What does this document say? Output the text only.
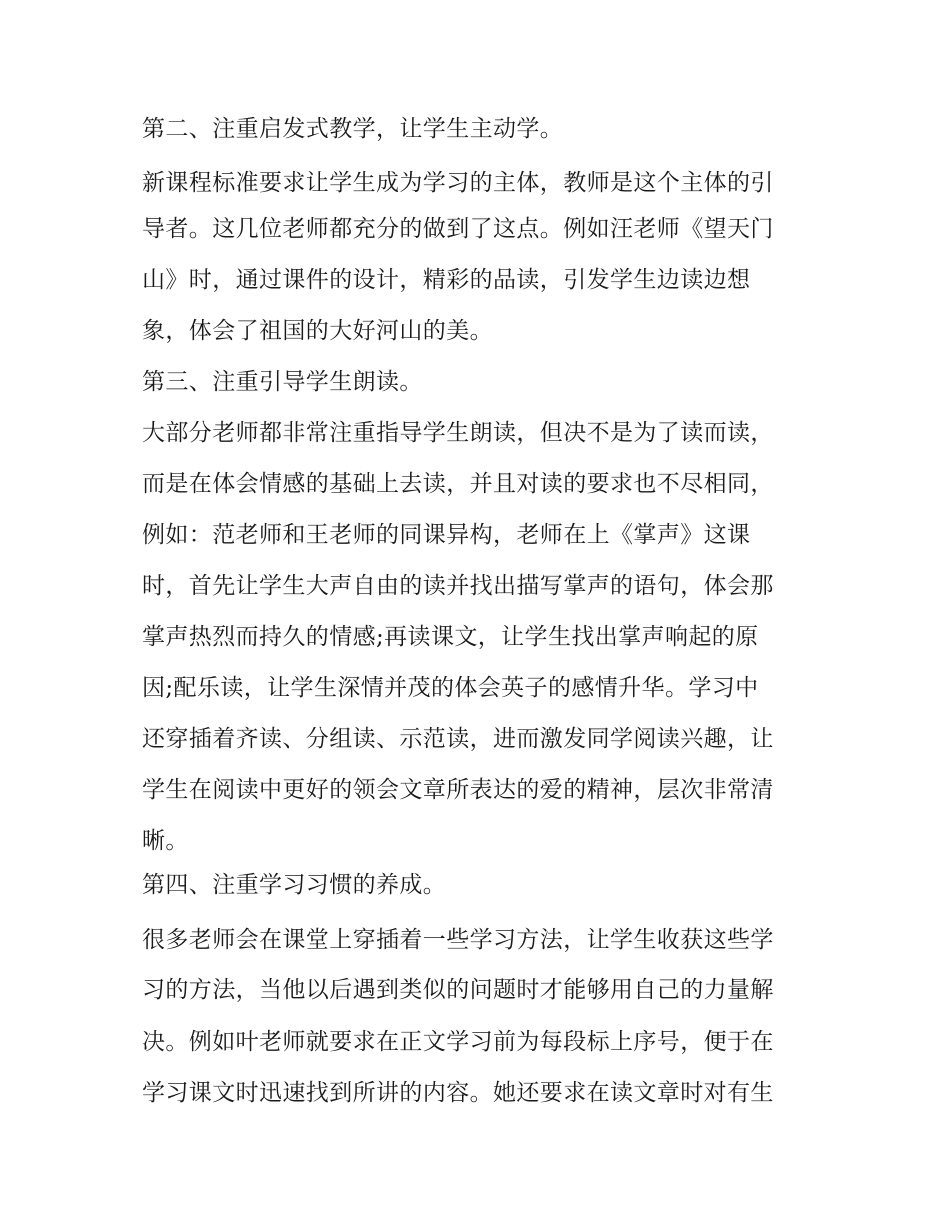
第二、注重启发式教学，让学生主动学。

新课程标准要求让学生成为学习的主体，教师是这个主体的引

导者。这几位老师都充分的做到了这点。例如汪老师《望天门

山》时，通过课件的设计，精彩的品读，引发学生边读边想

象，体会了祖国的大好河山的美。

第三、注重引导学生朗读。

大部分老师都非常注重指导学生朗读，但决不是为了读而读，

而是在体会情感的基础上去读，并且对读的要求也不尽相同，

例如：范老师和王老师的同课异构，老师在上《掌声》这课

时，首先让学生大声自由的读并找出描写掌声的语句，体会那

掌声热烈而持久的情感;再读课文，让学生找出掌声响起的原

因;配乐读，让学生深情并茂的体会英子的感情升华。学习中

还穿插着齐读、分组读、示范读，进而激发同学阅读兴趣，让

学生在阅读中更好的领会文章所表达的爱的精神，层次非常清

晰。

第四、注重学习习惯的养成。

很多老师会在课堂上穿插着一些学习方法，让学生收获这些学

习的方法，当他以后遇到类似的问题时才能够用自己的力量解

决。例如叶老师就要求在正文学习前为每段标上序号，便于在

学习课文时迅速找到所讲的内容。她还要求在读文章时对有生
